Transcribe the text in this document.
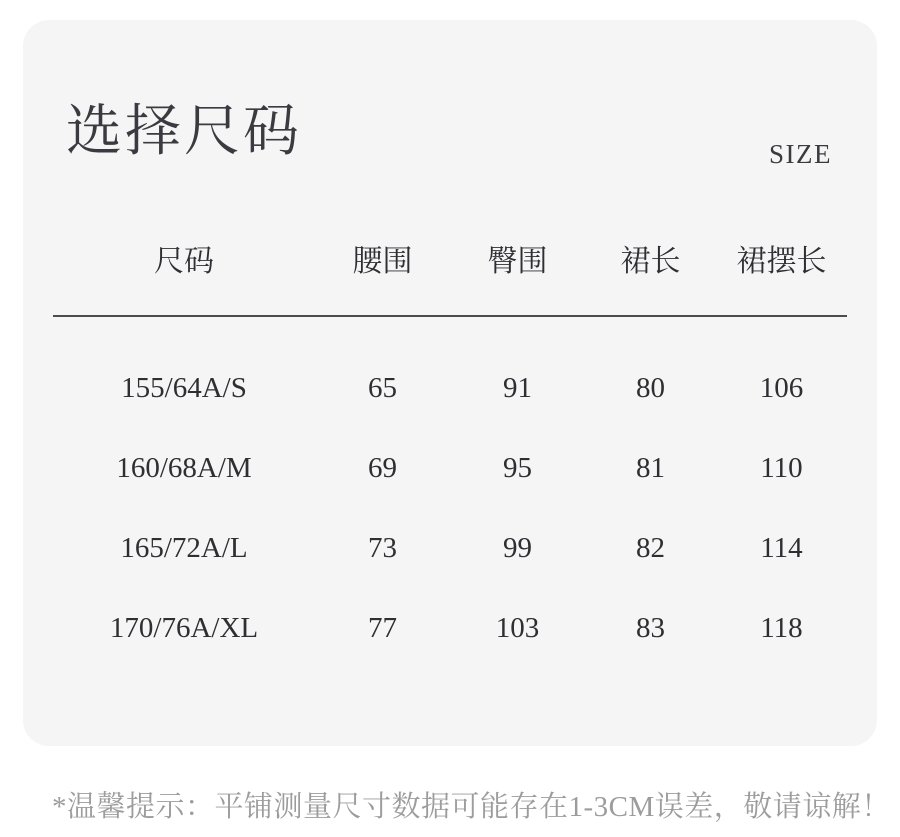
选择尺码	SIZE
尺码	腰围	臀围	裙长	裙摆长
155/64A/S	65	91	80	106
160/68A/M	69	95	81	110
165/72A/L	73	99	82	114
170/76A/XL	77	103	83	118
*温馨提示：平铺测量尺寸数据可能存在1-3CM误差，敬请谅解！
